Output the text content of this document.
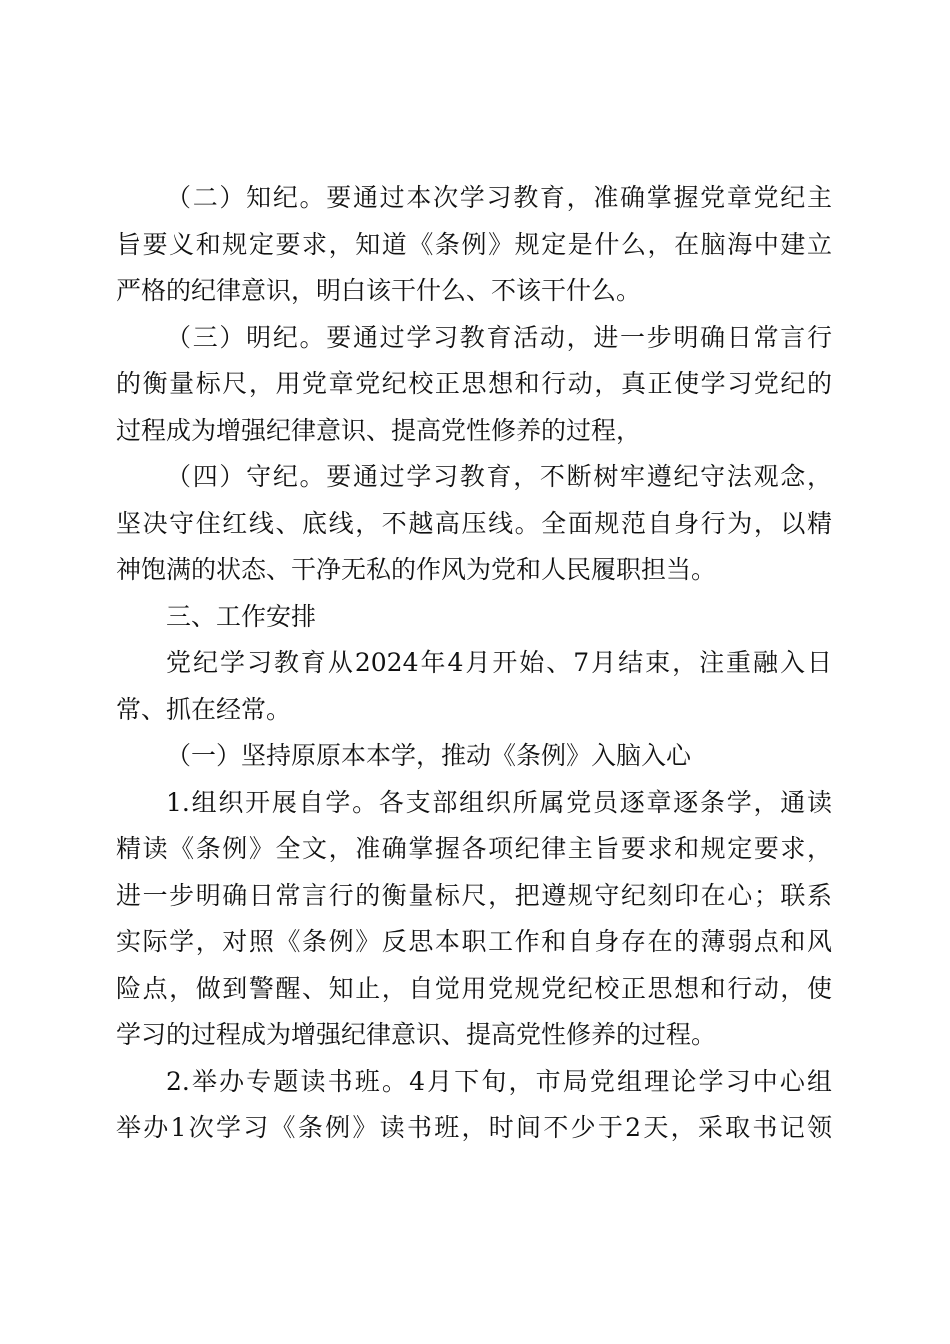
（二）知纪。要通过本次学习教育，准确掌握党章党纪主
旨要义和规定要求，知道《条例》规定是什么，在脑海中建立
严格的纪律意识，明白该干什么、不该干什么。
（三）明纪。要通过学习教育活动，进一步明确日常言行
的衡量标尺，用党章党纪校正思想和行动，真正使学习党纪的
过程成为增强纪律意识、提高党性修养的过程，
（四）守纪。要通过学习教育，不断树牢遵纪守法观念，
坚决守住红线、底线，不越高压线。全面规范自身行为，以精
神饱满的状态、干净无私的作风为党和人民履职担当。
三、工作安排
党纪学习教育从2024年4月开始、7月结束，注重融入日
常、抓在经常。
（一）坚持原原本本学，推动《条例》入脑入心
1.组织开展自学。各支部组织所属党员逐章逐条学，通读
精读《条例》全文，准确掌握各项纪律主旨要求和规定要求，
进一步明确日常言行的衡量标尺，把遵规守纪刻印在心；联系
实际学，对照《条例》反思本职工作和自身存在的薄弱点和风
险点，做到警醒、知止，自觉用党规党纪校正思想和行动，使
学习的过程成为增强纪律意识、提高党性修养的过程。
2.举办专题读书班。4月下旬，市局党组理论学习中心组
举办1次学习《条例》读书班，时间不少于2天，采取书记领
